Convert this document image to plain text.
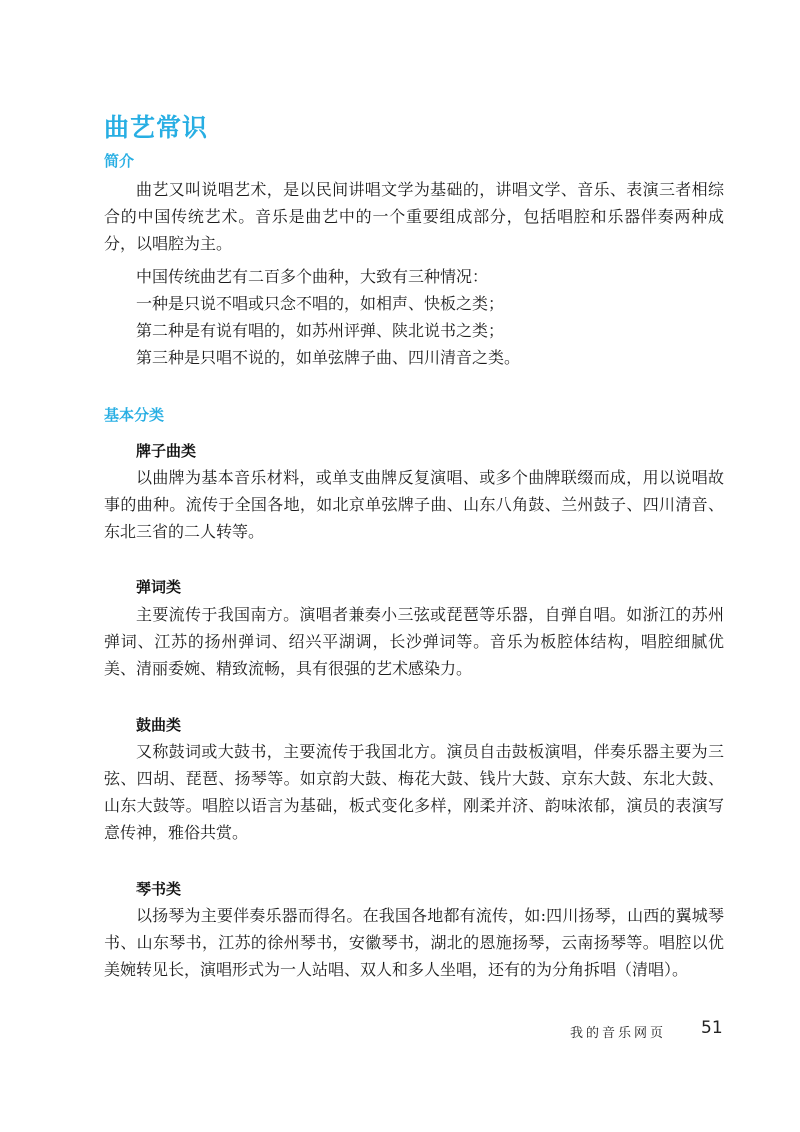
曲艺常识
简介

曲艺又叫说唱艺术，是以民间讲唱文学为基础的，讲唱文学、音乐、表演三者相综合的中国传统艺术。音乐是曲艺中的一个重要组成部分，包括唱腔和乐器伴奏两种成分，以唱腔为主。

中国传统曲艺有二百多个曲种，大致有三种情况：

一种是只说不唱或只念不唱的，如相声、快板之类；

第二种是有说有唱的，如苏州评弹、陕北说书之类；

第三种是只唱不说的，如单弦牌子曲、四川清音之类。

基本分类
牌子曲类

以曲牌为基本音乐材料，或单支曲牌反复演唱、或多个曲牌联缀而成，用以说唱故事的曲种。流传于全国各地，如北京单弦牌子曲、山东八角鼓、兰州鼓子、四川清音、东北三省的二人转等。

弹词类

主要流传于我国南方。演唱者兼奏小三弦或琵琶等乐器，自弹自唱。如浙江的苏州弹词、江苏的扬州弹词、绍兴平湖调，长沙弹词等。音乐为板腔体结构，唱腔细腻优美、清丽委婉、精致流畅，具有很强的艺术感染力。

鼓曲类

又称鼓词或大鼓书，主要流传于我国北方。演员自击鼓板演唱，伴奏乐器主要为三弦、四胡、琵琶、扬琴等。如京韵大鼓、梅花大鼓、钱片大鼓、京东大鼓、东北大鼓、山东大鼓等。唱腔以语言为基础，板式变化多样，刚柔并济、韵味浓郁，演员的表演写意传神，雅俗共赏。

琴书类

以扬琴为主要伴奏乐器而得名。在我国各地都有流传，如:四川扬琴，山西的翼城琴书、山东琴书，江苏的徐州琴书，安徽琴书，湖北的恩施扬琴，云南扬琴等。唱腔以优美婉转见长，演唱形式为一人站唱、双人和多人坐唱，还有的为分角拆唱（清唱）。

我的音乐网页 51
